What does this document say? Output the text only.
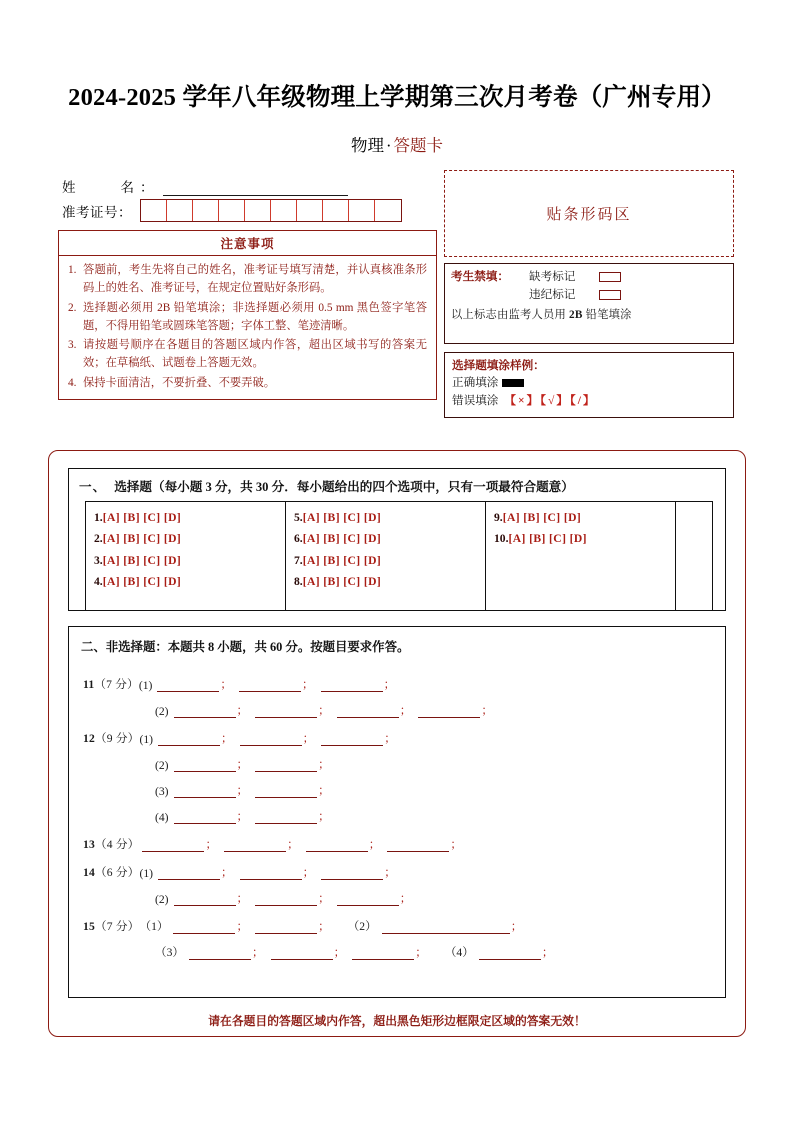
2024-2025 学年八年级物理上学期第三次月考卷（广州专用）
物理 · 答题卡
姓　　名：
准考证号：
注意事项
1. 答题前，考生先将自己的姓名，准考证号填写清楚，并认真核准条形码上的姓名、准考证号，在规定位置贴好条形码。
2. 选择题必须用 2B 铅笔填涂；非选择题必须用 0.5 mm 黑色签字笔答题，不得用铅笔或圆珠笔答题；字体工整、笔迹清晰。
3. 请按题号顺序在各题目的答题区域内作答，超出区域书写的答案无效；在草稿纸、试题卷上答题无效。
4. 保持卡面清洁，不要折叠、不要弄破。
贴条形码区
考生禁填：	缺考标记
违纪标记
以上标志由监考人员用 2B 铅笔填涂
选择题填涂样例：
正确填涂
错误填涂 【×】【√】【/】
一、 选择题（每小题 3 分，共 30 分．每小题给出的四个选项中，只有一项最符合题意）
1.[A] [B] [C] [D]
2.[A] [B] [C] [D]
3.[A] [B] [C] [D]
4.[A] [B] [C] [D]
5.[A] [B] [C] [D]
6.[A] [B] [C] [D]
7.[A] [B] [C] [D]
8.[A] [B] [C] [D]
9.[A] [B] [C] [D]
10.[A] [B] [C] [D]
二、非选择题：本题共 8 小题，共 60 分。按题目要求作答。
11（7 分） (1)	；	；	；
(2)	；	；	；	；
12（9 分） (1)	；	；	；
(2)	；	；
(3)	；	；
(4)	；	；
13（4 分）	；	；	；	；
14（6 分） (1)	；	；	；
(2)	；	；	；
15（7 分） （1）	；	； （2）	；
（3）	；	；	； （4）	；
请在各题目的答题区域内作答，超出黑色矩形边框限定区域的答案无效！
